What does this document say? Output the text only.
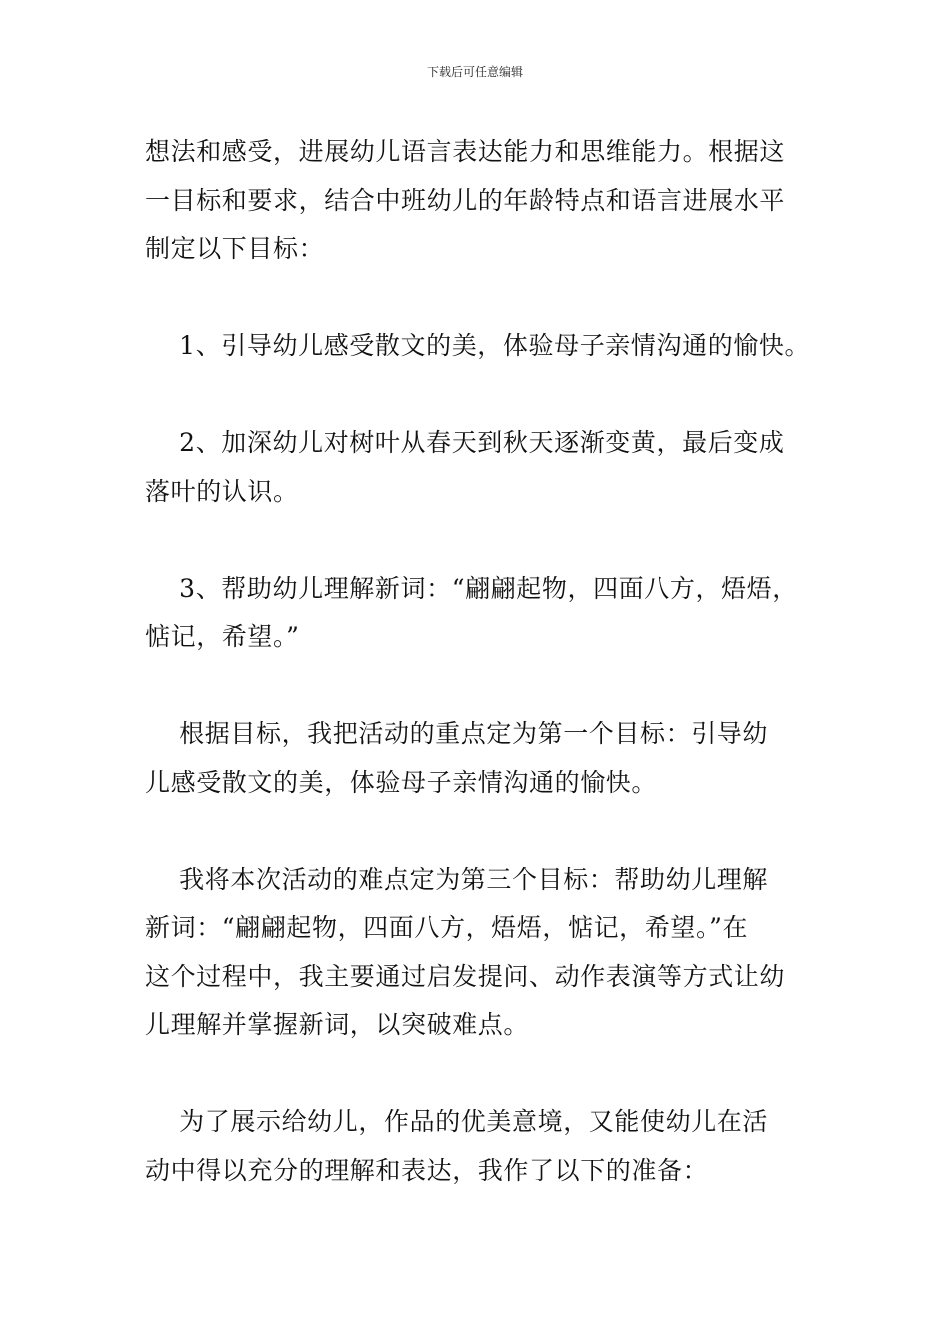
下载后可任意编辑

想法和感受，进展幼儿语言表达能力和思维能力。根据这

一目标和要求，结合中班幼儿的年龄特点和语言进展水平

制定以下目标：

1、引导幼儿感受散文的美，体验母子亲情沟通的愉快。

2、加深幼儿对树叶从春天到秋天逐渐变黄，最后变成

落叶的认识。

3、帮助幼儿理解新词：“翩翩起物，四面八方，焐焐，

惦记，希望。”

根据目标，我把活动的重点定为第一个目标：引导幼

儿感受散文的美，体验母子亲情沟通的愉快。

我将本次活动的难点定为第三个目标：帮助幼儿理解

新词：“翩翩起物，四面八方，焐焐，惦记，希望。”在

这个过程中，我主要通过启发提问、动作表演等方式让幼

儿理解并掌握新词，以突破难点。

为了展示给幼儿，作品的优美意境，又能使幼儿在活

动中得以充分的理解和表达，我作了以下的准备：
